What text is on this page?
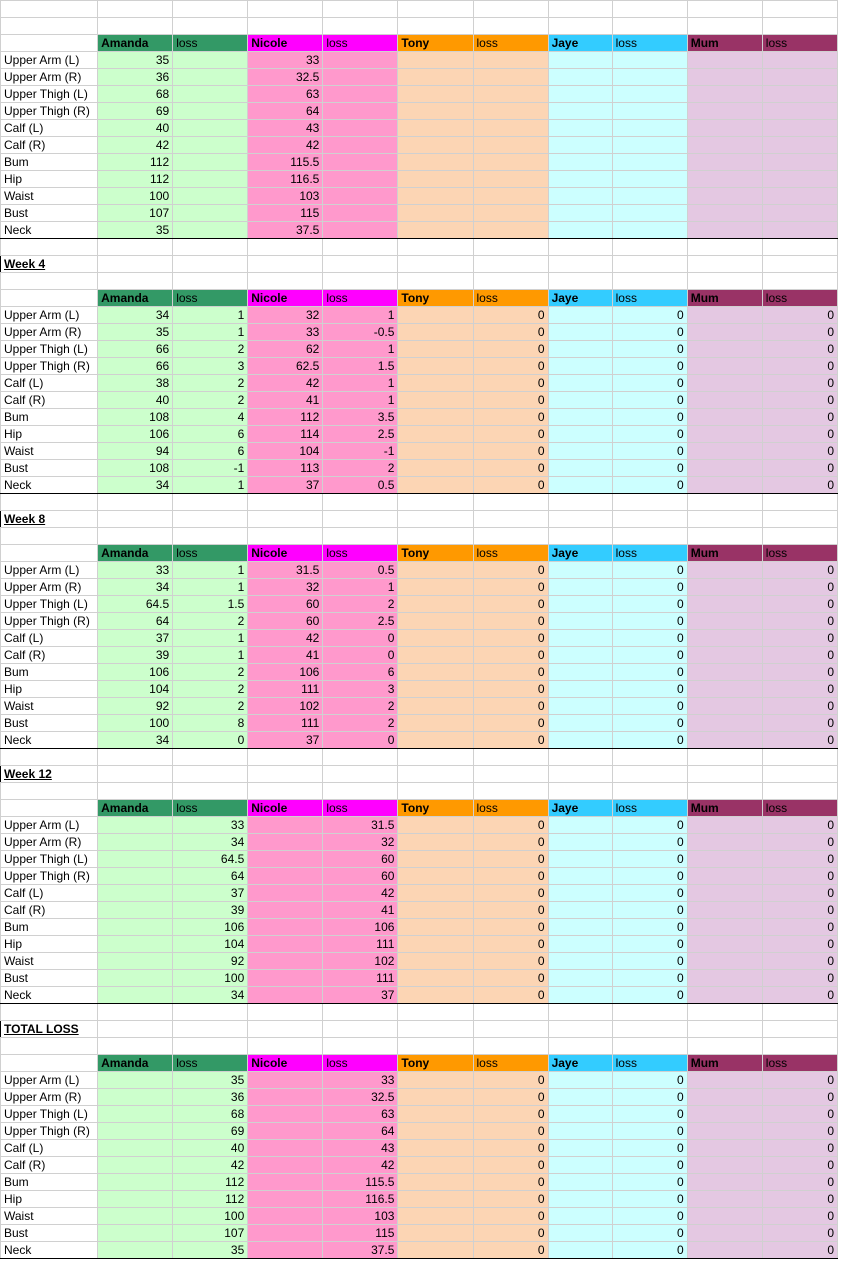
	Amanda	loss	Nicole	loss	Tony	loss	Jaye	loss	Mum	loss
Upper Arm (L)	35		33							
Upper Arm (R)	36		32.5							
Upper Thigh (L)	68		63							
Upper Thigh (R)	69		64							
Calf (L)	40		43							
Calf (R)	42		42							
Bum	112		115.5							
Hip	112		116.5							
Waist	100		103							
Bust	107		115							
Neck	35		37.5							

Week 4										

	Amanda	loss	Nicole	loss	Tony	loss	Jaye	loss	Mum	loss
Upper Arm (L)	34	1	32	1		0		0		0
Upper Arm (R)	35	1	33	-0.5		0		0		0
Upper Thigh (L)	66	2	62	1		0		0		0
Upper Thigh (R)	66	3	62.5	1.5		0		0		0
Calf (L)	38	2	42	1		0		0		0
Calf (R)	40	2	41	1		0		0		0
Bum	108	4	112	3.5		0		0		0
Hip	106	6	114	2.5		0		0		0
Waist	94	6	104	-1		0		0		0
Bust	108	-1	113	2		0		0		0
Neck	34	1	37	0.5		0		0		0

Week 8										

	Amanda	loss	Nicole	loss	Tony	loss	Jaye	loss	Mum	loss
Upper Arm (L)	33	1	31.5	0.5		0		0		0
Upper Arm (R)	34	1	32	1		0		0		0
Upper Thigh (L)	64.5	1.5	60	2		0		0		0
Upper Thigh (R)	64	2	60	2.5		0		0		0
Calf (L)	37	1	42	0		0		0		0
Calf (R)	39	1	41	0		0		0		0
Bum	106	2	106	6		0		0		0
Hip	104	2	111	3		0		0		0
Waist	92	2	102	2		0		0		0
Bust	100	8	111	2		0		0		0
Neck	34	0	37	0		0		0		0

Week 12										

	Amanda	loss	Nicole	loss	Tony	loss	Jaye	loss	Mum	loss
Upper Arm (L)		33		31.5		0		0		0
Upper Arm (R)		34		32		0		0		0
Upper Thigh (L)		64.5		60		0		0		0
Upper Thigh (R)		64		60		0		0		0
Calf (L)		37		42		0		0		0
Calf (R)		39		41		0		0		0
Bum		106		106		0		0		0
Hip		104		111		0		0		0
Waist		92		102		0		0		0
Bust		100		111		0		0		0
Neck		34		37		0		0		0

TOTAL LOSS										

	Amanda	loss	Nicole	loss	Tony	loss	Jaye	loss	Mum	loss
Upper Arm (L)		35		33		0		0		0
Upper Arm (R)		36		32.5		0		0		0
Upper Thigh (L)		68		63		0		0		0
Upper Thigh (R)		69		64		0		0		0
Calf (L)		40		43		0		0		0
Calf (R)		42		42		0		0		0
Bum		112		115.5		0		0		0
Hip		112		116.5		0		0		0
Waist		100		103		0		0		0
Bust		107		115		0		0		0
Neck		35		37.5		0		0		0
